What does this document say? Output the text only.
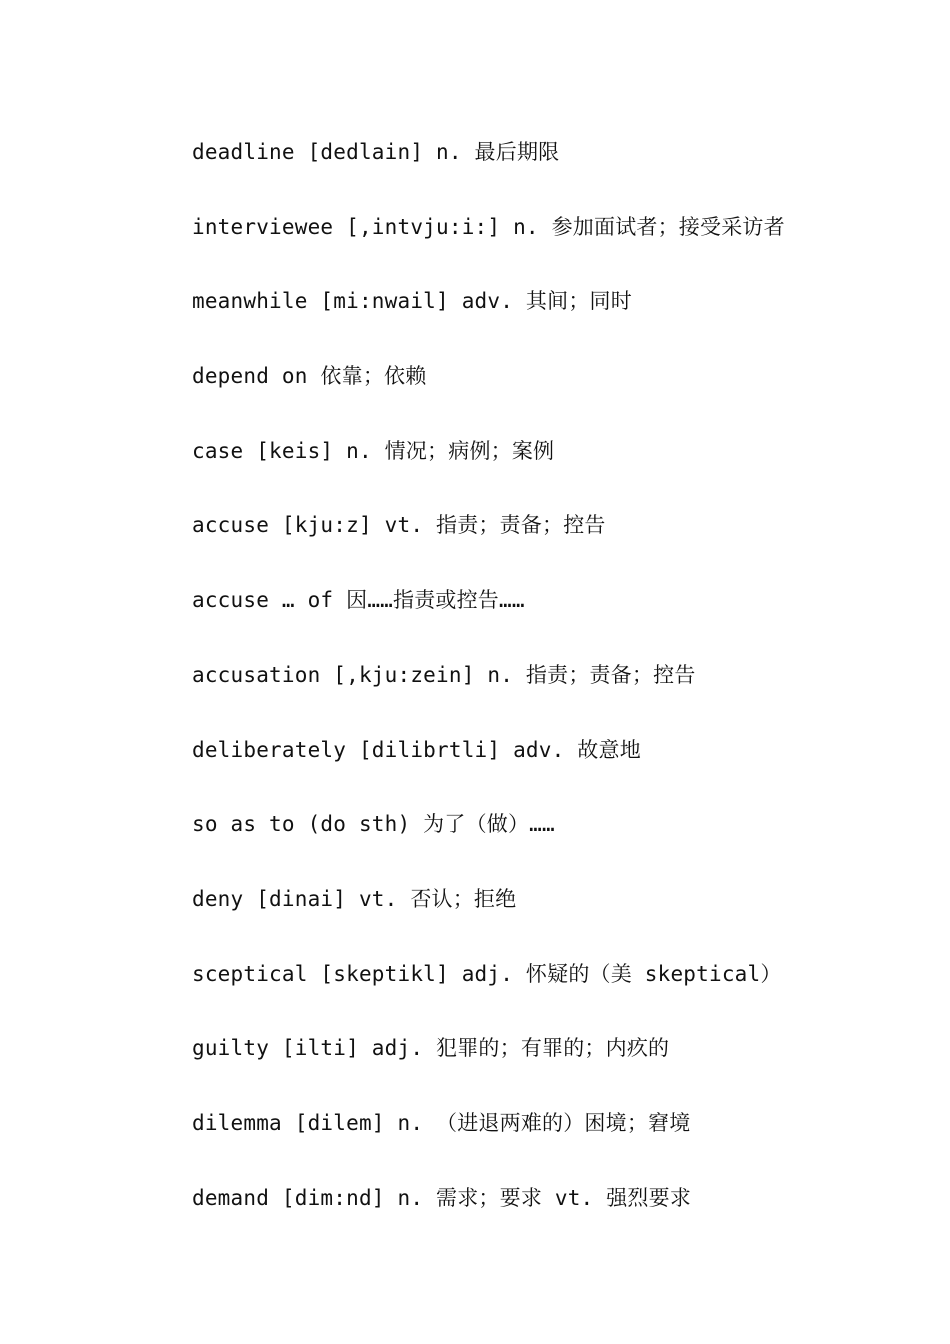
deadline [dedlain] n. 最后期限
interviewee [,intvju:i:] n. 参加面试者；接受采访者
meanwhile [mi:nwail] adv. 其间；同时
depend on 依靠；依赖
case [keis] n. 情况；病例；案例
accuse [kju:z] vt. 指责；责备；控告
accuse … of 因……指责或控告……
accusation [,kju:zein] n. 指责；责备；控告
deliberately [dilibrtli] adv. 故意地
so as to (do sth) 为了（做）……
deny [dinai] vt. 否认；拒绝
sceptical [skeptikl] adj. 怀疑的（美 skeptical）
guilty [ilti] adj. 犯罪的；有罪的；内疚的
dilemma [dilem] n. （进退两难的）困境；窘境
demand [dim:nd] n. 需求；要求 vt. 强烈要求
